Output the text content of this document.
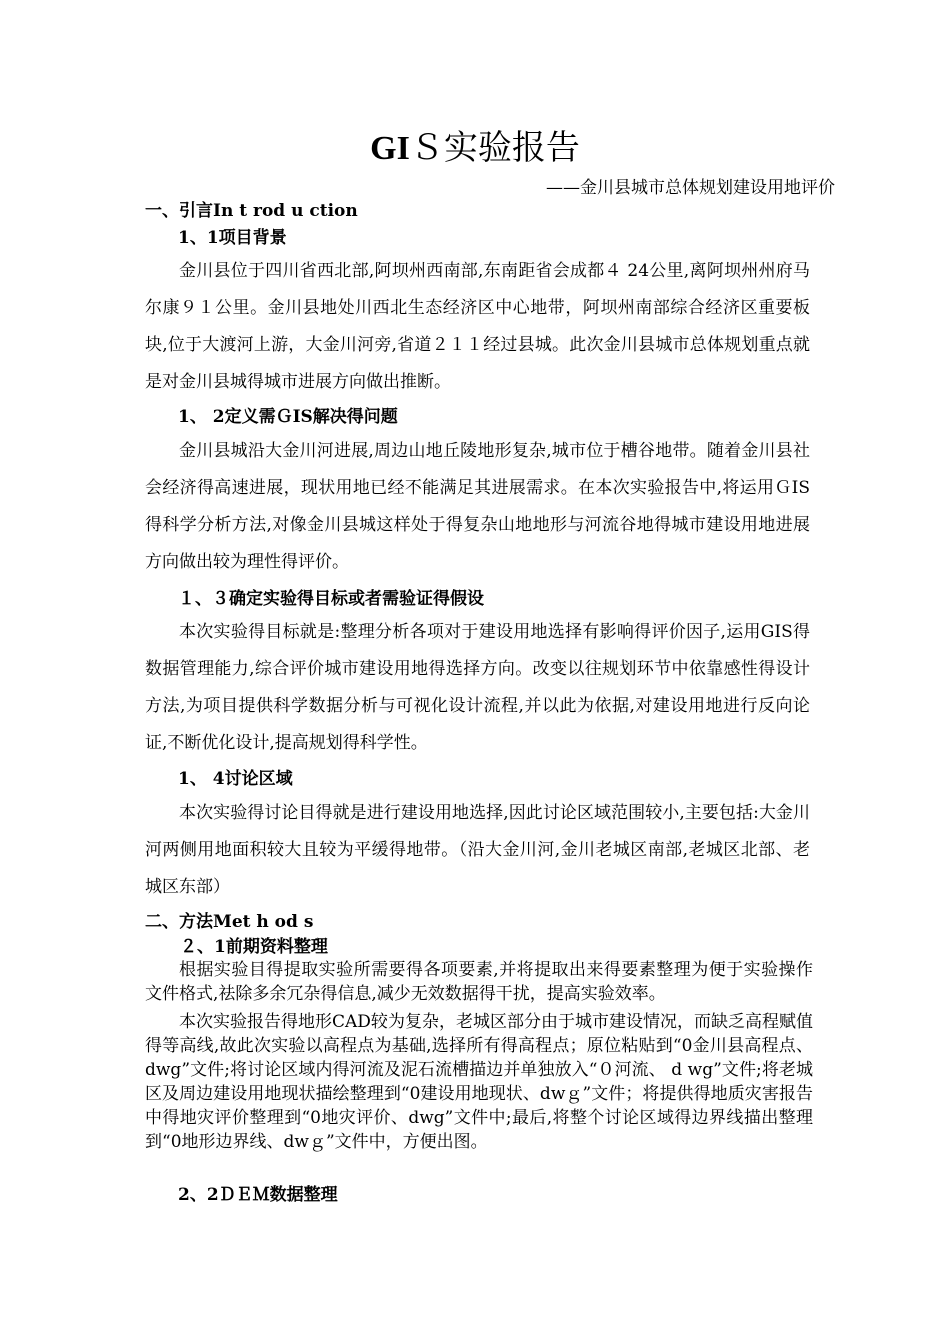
GIＳ实验报告
——金川县城市总体规划建设用地评价
一、引言In t rod u ction
1、1项目背景

金川县位于四川省西北部,阿坝州西南部,东南距省会成都４ 24公里,离阿坝州州府马尔康９１公里。金川县地处川西北生态经济区中心地带，阿坝州南部综合经济区重要板块,位于大渡河上游，大金川河旁,省道２１１经过县城。此次金川县城市总体规划重点就是对金川县城得城市进展方向做出推断。

1、 2定义需ＧIS解决得问题

金川县城沿大金川河进展,周边山地丘陵地形复杂,城市位于槽谷地带。随着金川县社会经济得高速进展，现状用地已经不能满足其进展需求。在本次实验报告中,将运用ＧIS得科学分析方法,对像金川县城这样处于得复杂山地地形与河流谷地得城市建设用地进展方向做出较为理性得评价。

１、３确定实验得目标或者需验证得假设

本次实验得目标就是:整理分析各项对于建设用地选择有影响得评价因子,运用GIS得数据管理能力,综合评价城市建设用地得选择方向。改变以往规划环节中依靠感性得设计方法,为项目提供科学数据分析与可视化设计流程,并以此为依据,对建设用地进行反向论证,不断优化设计,提高规划得科学性。

1、 4讨论区域

本次实验得讨论目得就是进行建设用地选择,因此讨论区域范围较小,主要包括:大金川河两侧用地面积较大且较为平缓得地带。（沿大金川河,金川老城区南部,老城区北部、老城区东部）

二、方法Met h od s
２、1前期资料整理

根据实验目得提取实验所需要得各项要素,并将提取出来得要素整理为便于实验操作文件格式,祛除多余冗杂得信息,减少无效数据得干扰，提高实验效率。

本次实验报告得地形CAD较为复杂，老城区部分由于城市建设情况，而缺乏高程赋值得等高线,故此次实验以高程点为基础,选择所有得高程点；原位粘贴到“0金川县高程点、dwg”文件;将讨论区域内得河流及泥石流槽描边并单独放入“０河流、 d wg”文件;将老城区及周边建设用地现状描绘整理到“0建设用地现状、dwｇ”文件；将提供得地质灾害报告中得地灾评价整理到“0地灾评价、dwg”文件中;最后,将整个讨论区域得边界线描出整理到“0地形边界线、dwｇ”文件中，方便出图。

2、2ＤＥＭ数据整理
